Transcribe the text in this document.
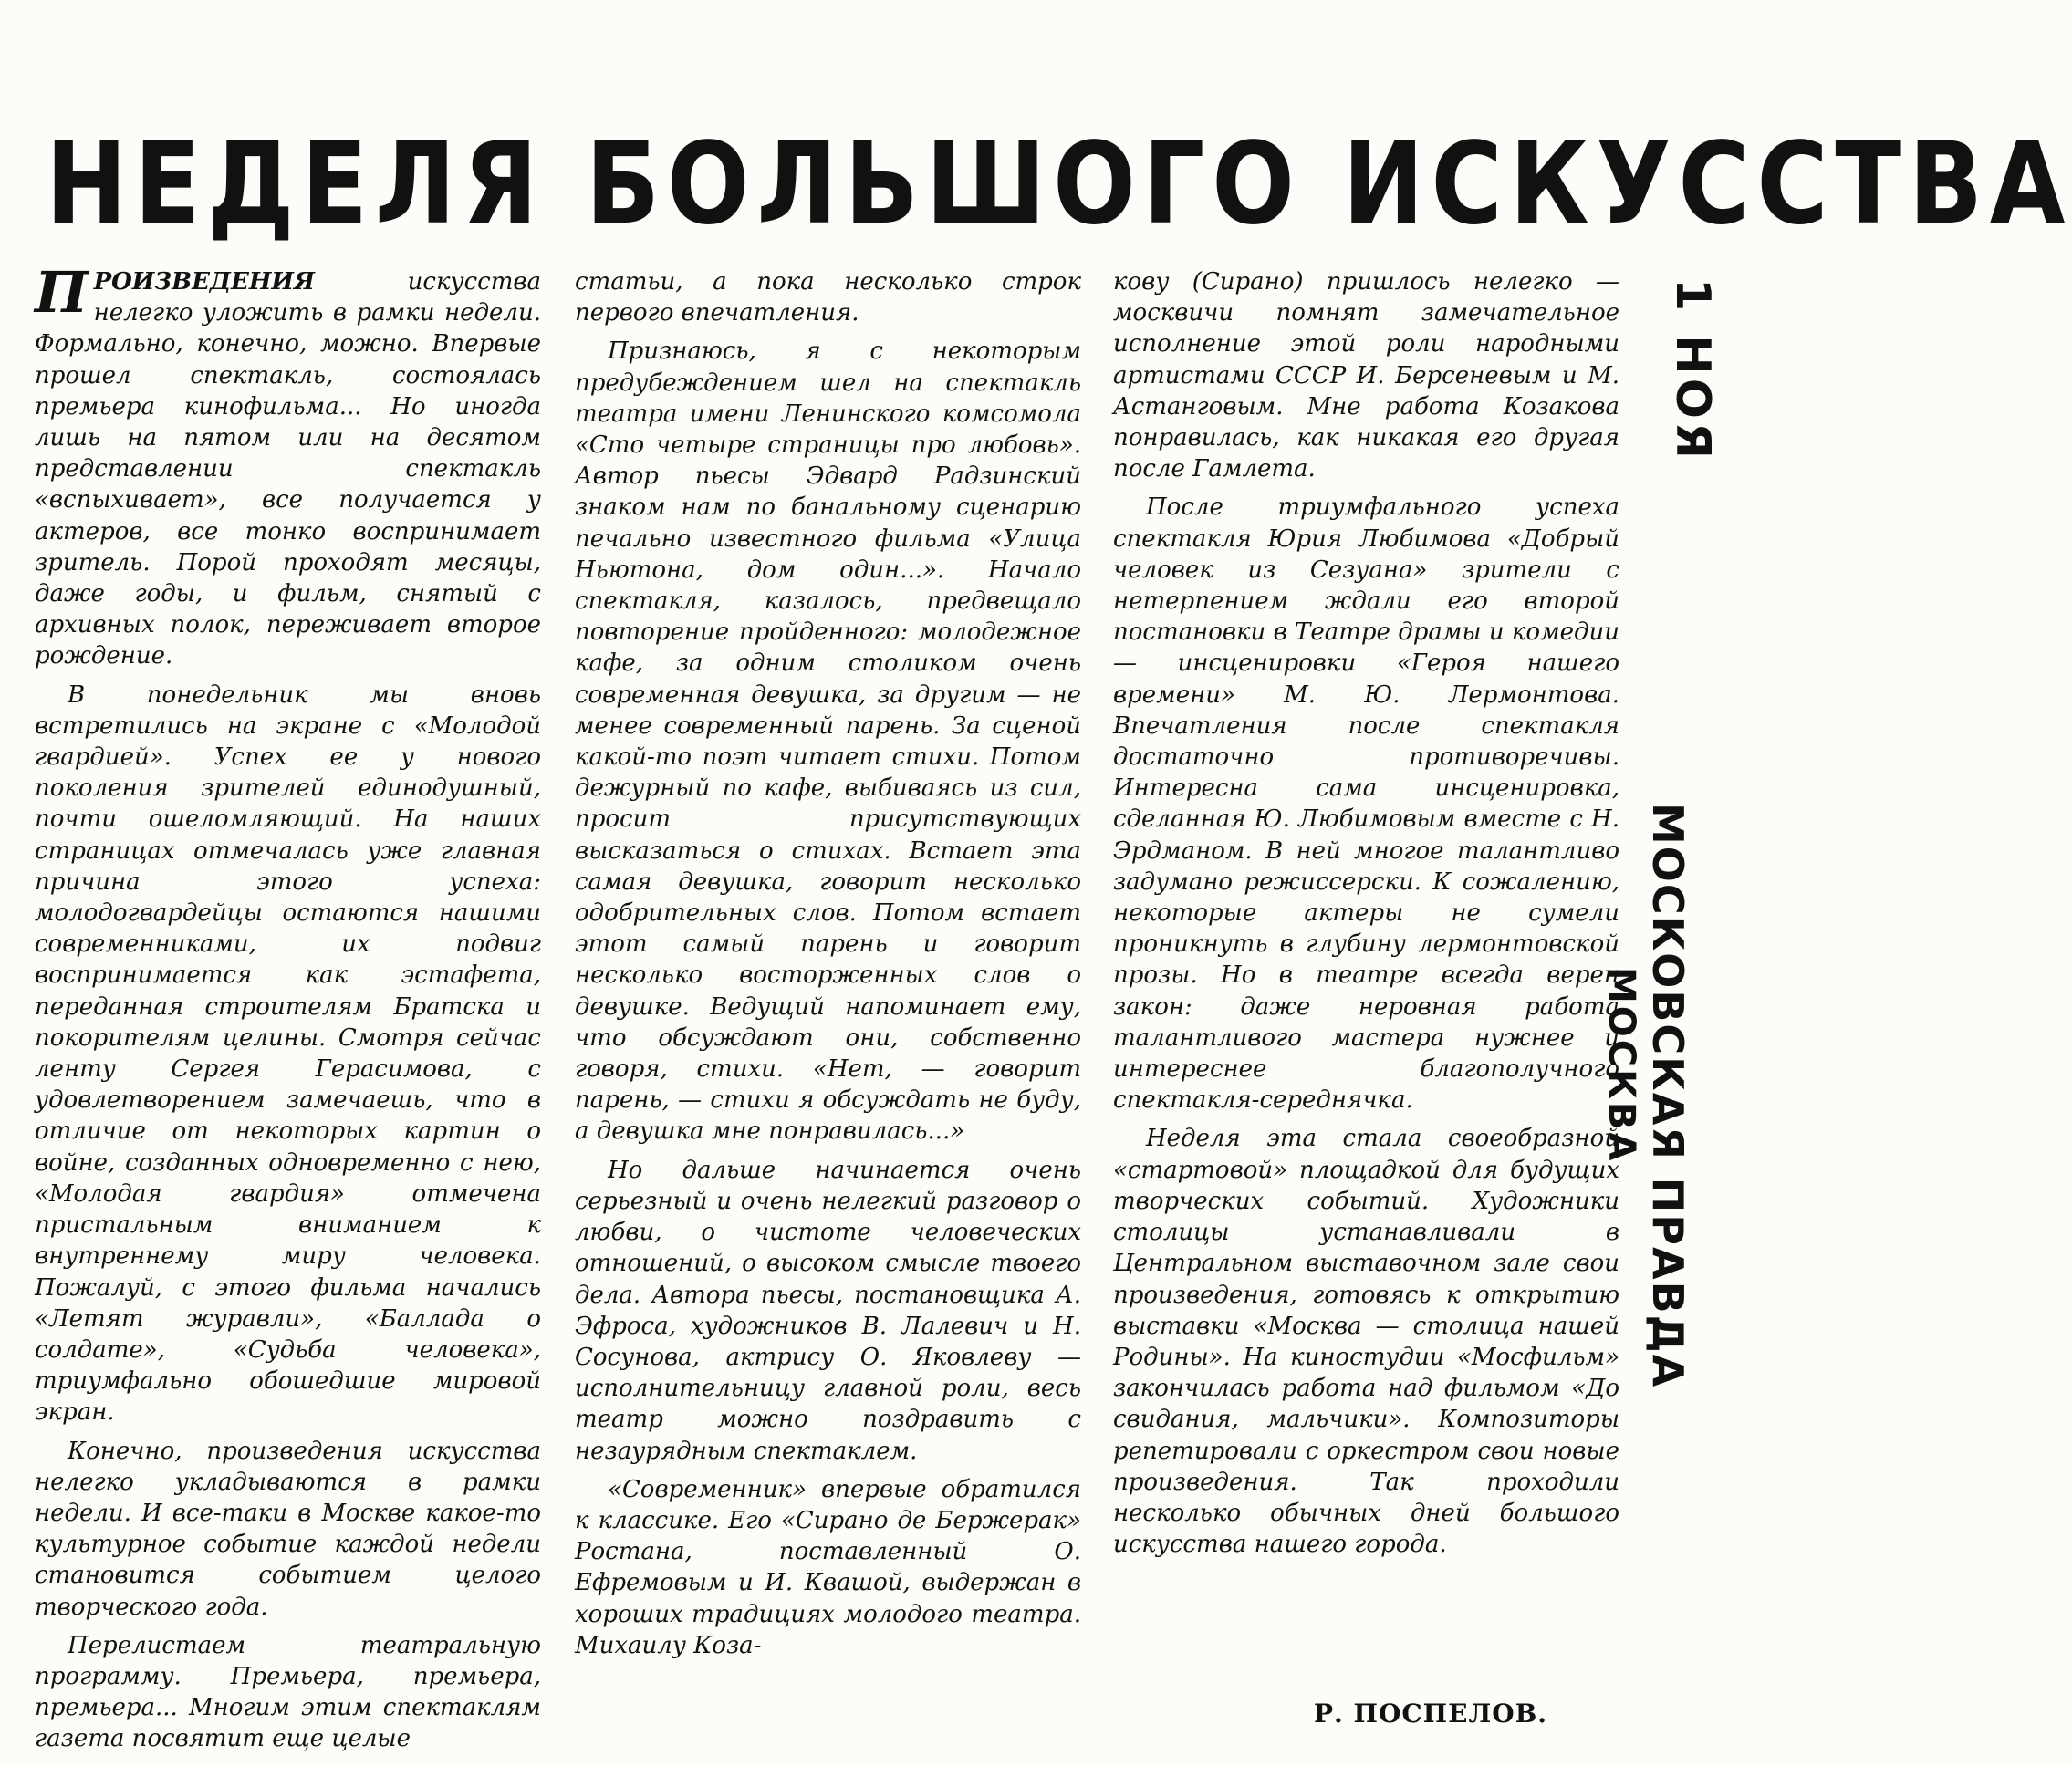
НЕДЕЛЯ БОЛЬШОГО ИСКУССТВА

ПРОИЗВЕДЕНИЯ искусства нелегко уложить в рамки недели. Формально, конечно, можно. Впервые прошел спектакль, состоялась премьера кинофильма... Но иногда лишь на пятом или на десятом представлении спектакль «вспыхивает», все получается у актеров, все тонко воспринимает зритель. Порой проходят месяцы, даже годы, и фильм, снятый с архивных полок, переживает второе рождение.

В понедельник мы вновь встретились на экране с «Молодой гвардией». Успех ее у нового поколения зрителей единодушный, почти ошеломляющий. На наших страницах отмечалась уже главная причина этого успеха: молодогвардейцы остаются нашими современниками, их подвиг воспринимается как эстафета, переданная строителям Братска и покорителям целины. Смотря сейчас ленту Сергея Герасимова, с удовлетворением замечаешь, что в отличие от некоторых картин о войне, созданных одновременно с нею, «Молодая гвардия» отмечена пристальным вниманием к внутреннему миру человека. Пожалуй, с этого фильма начались «Летят журавли», «Баллада о солдате», «Судьба человека», триумфально обошедшие мировой экран.

Конечно, произведения искусства нелегко укладываются в рамки недели. И все-таки в Москве какое-то культурное событие каждой недели становится событием целого творческого года.

Перелистаем театральную программу. Премьера, премьера, премьера... Многим этим спектаклям газета посвятит еще целые

статьи, а пока несколько строк первого впечатления.

Признаюсь, я с некоторым предубеждением шел на спектакль театра имени Ленинского комсомола «Сто четыре страницы про любовь». Автор пьесы Эдвард Радзинский знаком нам по банальному сценарию печально известного фильма «Улица Ньютона, дом один...». Начало спектакля, казалось, предвещало повторение пройденного: молодежное кафе, за одним столиком очень современная девушка, за другим — не менее современный парень. За сценой какой-то поэт читает стихи. Потом дежурный по кафе, выбиваясь из сил, просит присутствующих высказаться о стихах. Встает эта самая девушка, говорит несколько одобрительных слов. Потом встает этот самый парень и говорит несколько восторженных слов о девушке. Ведущий напоминает ему, что обсуждают они, собственно говоря, стихи. «Нет, — говорит парень, — стихи я обсуждать не буду, а девушка мне понравилась...»

Но дальше начинается очень серьезный и очень нелегкий разговор о любви, о чистоте человеческих отношений, о высоком смысле твоего дела. Автора пьесы, постановщика А. Эфроса, художников В. Лалевич и Н. Сосунова, актрису О. Яковлеву — исполнительницу главной роли, весь театр можно поздравить с незаурядным спектаклем.

«Современник» впервые обратился к классике. Его «Сирано де Бержерак» Ростана, поставленный О. Ефремовым и И. Квашой, выдержан в хороших традициях молодого театра. Михаилу Коза-

кову (Сирано) пришлось нелегко — москвичи помнят замечательное исполнение этой роли народными артистами СССР И. Берсеневым и М. Астанговым. Мне работа Козакова понравилась, как никакая его другая после Гамлета.

После триумфального успеха спектакля Юрия Любимова «Добрый человек из Сезуана» зрители с нетерпением ждали его второй постановки в Театре драмы и комедии — инсценировки «Героя нашего времени» М. Ю. Лермонтова. Впечатления после спектакля достаточно противоречивы. Интересна сама инсценировка, сделанная Ю. Любимовым вместе с Н. Эрдманом. В ней многое талантливо задумано режиссерски. К сожалению, некоторые актеры не сумели проникнуть в глубину лермонтовской прозы. Но в театре всегда верен закон: даже неровная работа талантливого мастера нужнее и интереснее благополучного спектакля-середнячка.

Неделя эта стала своеобразной «стартовой» площадкой для будущих творческих событий. Художники столицы устанавливали в Центральном выставочном зале свои произведения, готовясь к открытию выставки «Москва — столица нашей Родины». На киностудии «Мосфильм» закончилась работа над фильмом «До свидания, мальчики». Композиторы репетировали с оркестром свои новые произведения. Так проходили несколько обычных дней большого искусства нашего города.

Р. ПОСПЕЛОВ.
1 НОЯ
МОСКОВСКАЯ ПРАВДА
МОСКВА
